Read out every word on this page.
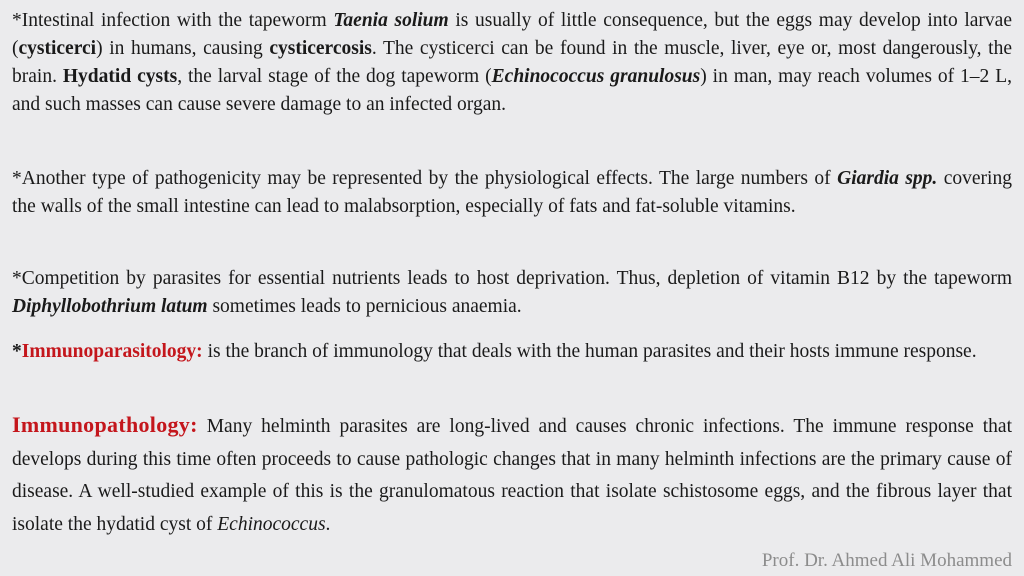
*Intestinal infection with the tapeworm Taenia solium is usually of little consequence, but the eggs may develop into larvae (cysticerci) in humans, causing cysticercosis. The cysticerci can be found in the muscle, liver, eye or, most dangerously, the brain. Hydatid cysts, the larval stage of the dog tapeworm (Echinococcus granulosus) in man, may reach volumes of 1–2 L, and such masses can cause severe damage to an infected organ.

*Another type of pathogenicity may be represented by the physiological effects. The large numbers of Giardia spp. covering the walls of the small intestine can lead to malabsorption, especially of fats and fat-soluble vitamins.

*Competition by parasites for essential nutrients leads to host deprivation. Thus, depletion of vitamin B12 by the tapeworm Diphyllobothrium latum sometimes leads to pernicious anaemia.

*Immunoparasitology: is the branch of immunology that deals with the human parasites and their hosts immune response.

Immunopathology: Many helminth parasites are long-lived and causes chronic infections. The immune response that develops during this time often proceeds to cause pathologic changes that in many helminth infections are the primary cause of disease. A well-studied example of this is the granulomatous reaction that isolate schistosome eggs, and the fibrous layer that isolate the hydatid cyst of Echinococcus.

Prof. Dr. Ahmed Ali Mohammed
